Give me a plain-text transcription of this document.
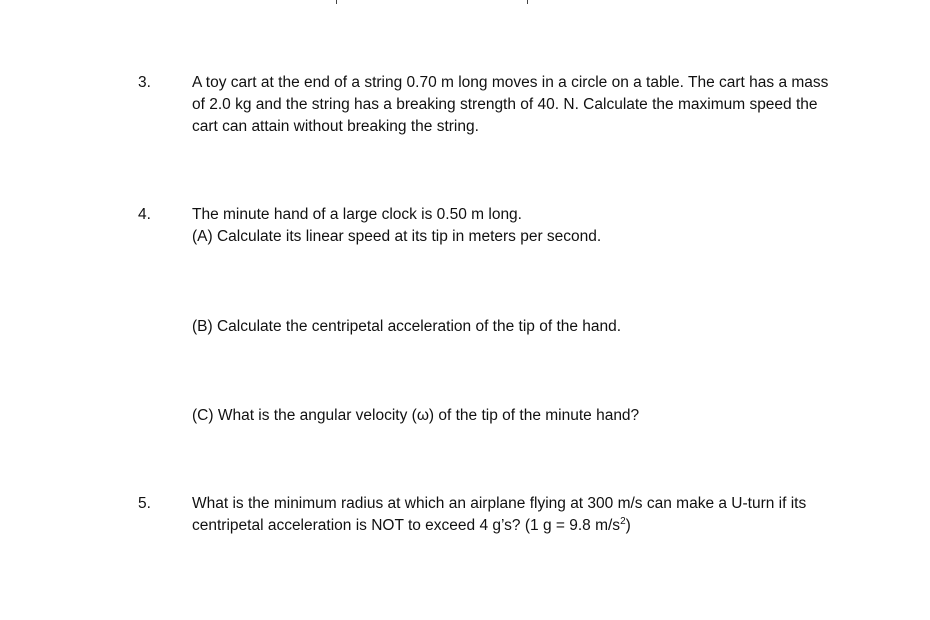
3.	A toy cart at the end of a string 0.70 m long moves in a circle on a table. The cart has a mass
of 2.0 kg and the string has a breaking strength of 40. N. Calculate the maximum speed the
cart can attain without breaking the string.
4.	The minute hand of a large clock is 0.50 m long.
(A) Calculate its linear speed at its tip in meters per second.
(B) Calculate the centripetal acceleration of the tip of the hand.
(C) What is the angular velocity (ω) of the tip of the minute hand?
5.	What is the minimum radius at which an airplane flying at 300 m/s can make a U-turn if its
centripetal acceleration is NOT to exceed 4 g’s? (1 g = 9.8 $m/s^2$)
